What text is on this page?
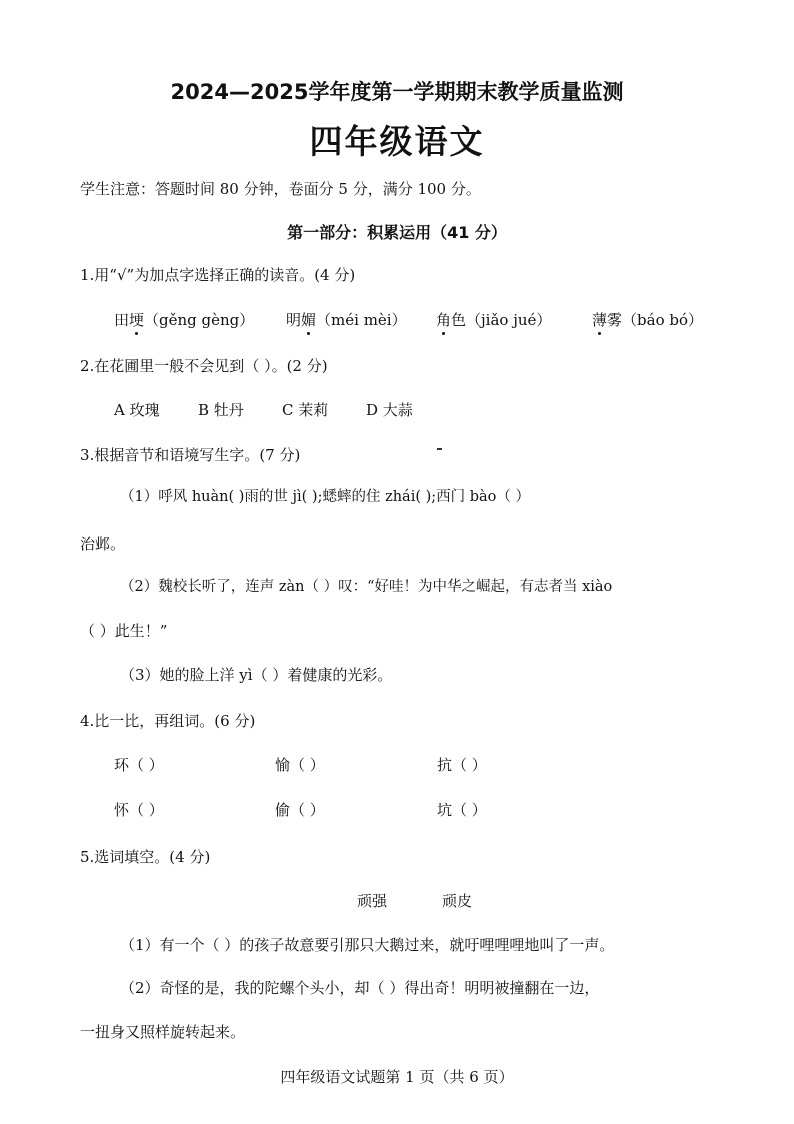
2024—2025学年度第一学期期末教学质量监测
四年级语文
学生注意：答题时间 80 分钟，卷面分 5 分，满分 100 分。
第一部分：积累运用（41 分）
1.用“√”为加点字选择正确的读音。(4 分)
田埂（gěng gèng） 明媚（méi mèi） 角色（jiǎo jué）	薄雾（báo bó）
2.在花圃里一般不会见到（ ）。(2 分)
A 玫瑰	B 牡丹	C 茉莉	D 大蒜
3.根据音节和语境写生字。(7 分)
（1）呼风 huàn( )雨的世 jì( );蟋蟀的住 zhái( );西门 bào（ ）
治邺。
（2）魏校长听了，连声 zàn（ ）叹：“好哇！为中华之崛起，有志者当 xiào
（ ）此生！”
（3）她的脸上洋 yì（ ）着健康的光彩。
4.比一比，再组词。(6 分)
环（ ）	愉（ ）	抗（ ）
怀（ ）	偷（ ）	坑（ ）
5.选词填空。(4 分)
顽强	顽皮
（1）有一个（ ）的孩子故意要引那只大鹅过来，就吁哩哩哩地叫了一声。
（2）奇怪的是，我的陀螺个头小，却（ ）得出奇！明明被撞翻在一边，
一扭身又照样旋转起来。
四年级语文试题第 1 页（共 6 页）
